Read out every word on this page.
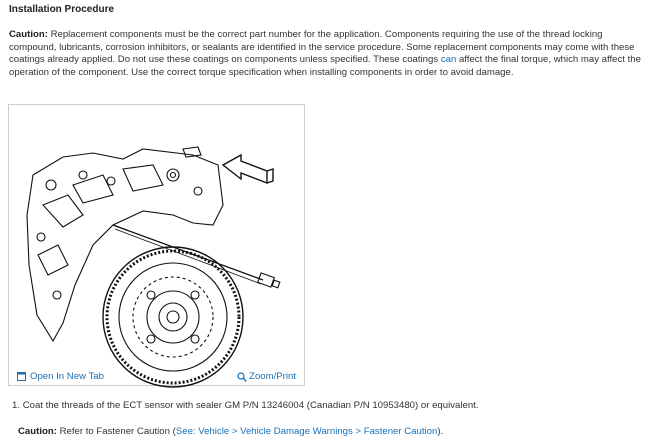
Installation Procedure
Caution: Replacement components must be the correct part number for the application. Components requiring the use of the thread locking compound, lubricants, corrosion inhibitors, or sealants are identified in the service procedure. Some replacement components may come with these coatings already applied. Do not use these coatings on components unless specified. These coatings can affect the final torque, which may affect the operation of the component. Use the correct torque specification when installing components in order to avoid damage.
Open In New Tab	Zoom/Print
1. Coat the threads of the ECT sensor with sealer GM P/N 13246004 (Canadian P/N 10953480) or equivalent.
Caution: Refer to Fastener Caution (See: Vehicle > Vehicle Damage Warnings > Fastener Caution).
